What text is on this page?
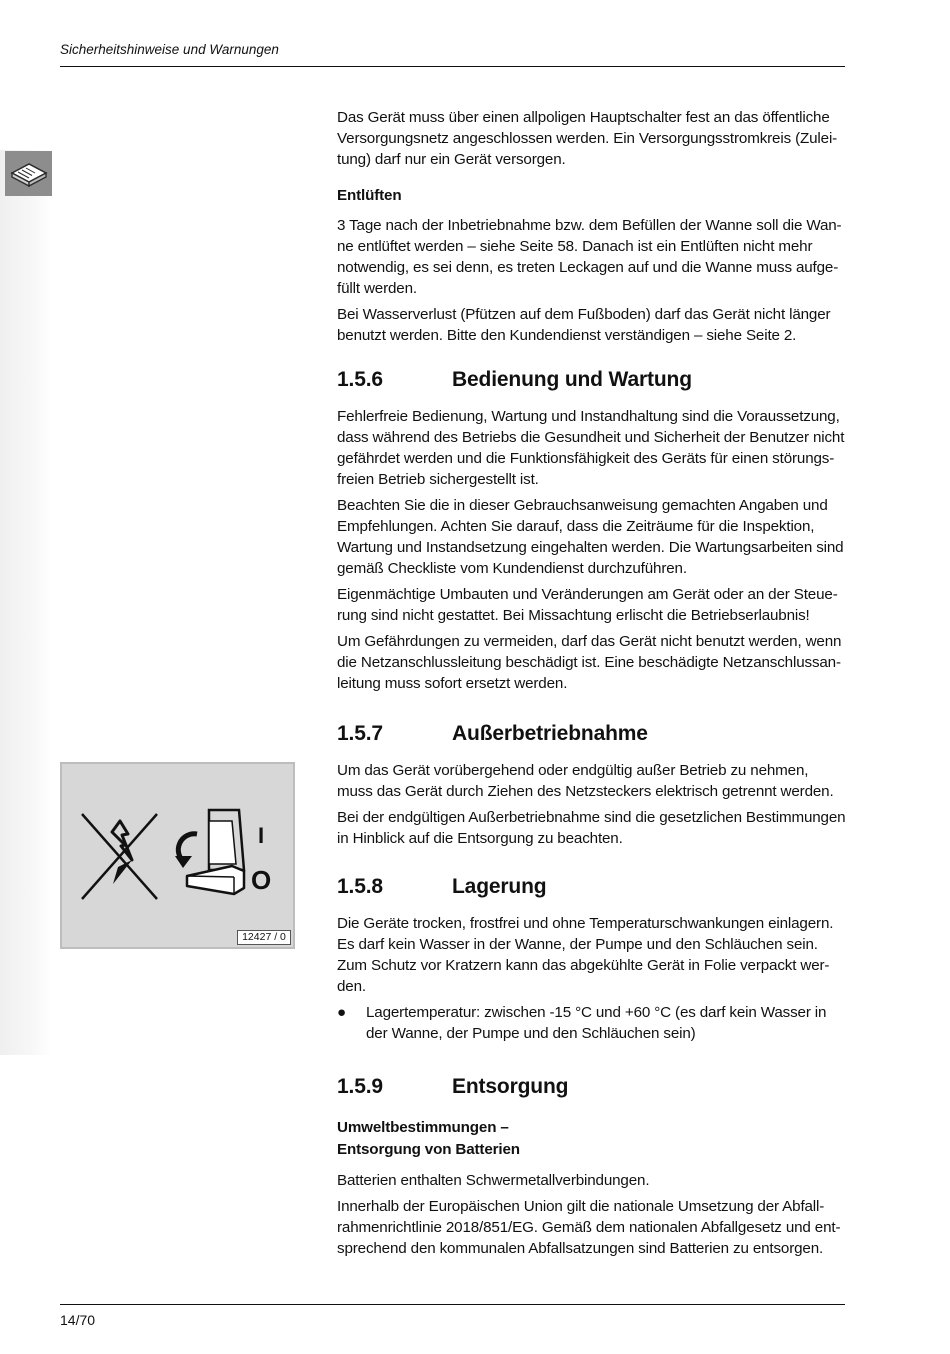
Sicherheitshinweise und Warnungen

Das Gerät muss über einen allpoligen Hauptschalter fest an das öffentliche Versorgungsnetz angeschlossen werden. Ein Versorgungsstromkreis (Zulei-tung) darf nur ein Gerät versorgen.

Entlüften

3 Tage nach der Inbetriebnahme bzw. dem Befüllen der Wanne soll die Wan-ne entlüftet werden – siehe Seite 58. Danach ist ein Entlüften nicht mehr notwendig, es sei denn, es treten Leckagen auf und die Wanne muss aufge-füllt werden.

Bei Wasserverlust (Pfützen auf dem Fußboden) darf das Gerät nicht länger benutzt werden. Bitte den Kundendienst verständigen – siehe Seite 2.

1.5.6	Bedienung und Wartung

Fehlerfreie Bedienung, Wartung und Instandhaltung sind die Voraussetzung, dass während des Betriebs die Gesundheit und Sicherheit der Benutzer nicht gefährdet werden und die Funktionsfähigkeit des Geräts für einen störungs-freien Betrieb sichergestellt ist.

Beachten Sie die in dieser Gebrauchsanweisung gemachten Angaben und Empfehlungen. Achten Sie darauf, dass die Zeiträume für die Inspektion, Wartung und Instandsetzung eingehalten werden. Die Wartungsarbeiten sind gemäß Checkliste vom Kundendienst durchzuführen.

Eigenmächtige Umbauten und Veränderungen am Gerät oder an der Steue-rung sind nicht gestattet. Bei Missachtung erlischt die Betriebserlaubnis!

Um Gefährdungen zu vermeiden, darf das Gerät nicht benutzt werden, wenn die Netzanschlussleitung beschädigt ist. Eine beschädigte Netzanschlussan-leitung muss sofort ersetzt werden.

1.5.7	Außerbetriebnahme

Um das Gerät vorübergehend oder endgültig außer Betrieb zu nehmen, muss das Gerät durch Ziehen des Netzsteckers elektrisch getrennt werden.

Bei der endgültigen Außerbetriebnahme sind die gesetzlichen Bestimmungen in Hinblick auf die Entsorgung zu beachten.

1.5.8	Lagerung

Die Geräte trocken, frostfrei und ohne Temperaturschwankungen einlagern. Es darf kein Wasser in der Wanne, der Pumpe und den Schläuchen sein. Zum Schutz vor Kratzern kann das abgekühlte Gerät in Folie verpackt wer-den.

●	Lagertemperatur: zwischen -15 °C und +60 °C (es darf kein Wasser in der Wanne, der Pumpe und den Schläuchen sein)
1.5.9	Entsorgung
Umweltbestimmungen –
Entsorgung von Batterien

Batterien enthalten Schwermetallverbindungen.

Innerhalb der Europäischen Union gilt die nationale Umsetzung der Abfall-rahmenrichtlinie 2018/851/EG. Gemäß dem nationalen Abfallgesetz und ent-sprechend den kommunalen Abfallsatzungen sind Batterien zu entsorgen.

I
O
12427 / 0
14/70
